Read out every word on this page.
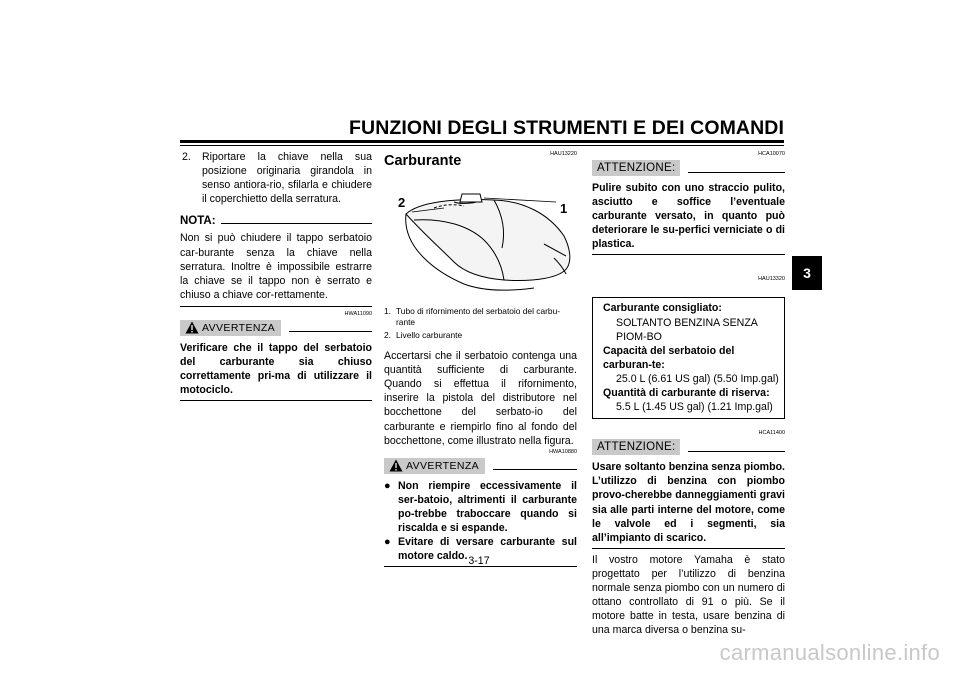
FUNZIONI DEGLI STRUMENTI E DEI COMANDI
3
2.	Riportare la chiave nella sua posizione originaria girandola in senso antiora-rio, sfilarla e chiudere il coperchietto della serratura.
NOTA:
Non si può chiudere il tappo serbatoio car-burante senza la chiave nella serratura. Inoltre è impossibile estrarre la chiave se il tappo non è serrato e chiuso a chiave cor-rettamente.
HWA11090
AVVERTENZA
Verificare che il tappo del serbatoio del carburante sia chiuso correttamente pri-ma di utilizzare il motociclo.
HAU13220
Carburante
2	1
1. Tubo di rifornimento del serbatoio del carbu-rante
2. Livello carburante
Accertarsi che il serbatoio contenga una quantità sufficiente di carburante. Quando si effettua il rifornimento, inserire la pistola del distributore nel bocchettone del serbato-io del carburante e riempirlo fino al fondo del bocchettone, come illustrato nella figura.
HWA10880
AVVERTENZA
● Non riempire eccessivamente il ser-batoio, altrimenti il carburante po-trebbe traboccare quando si riscalda e si espande.
● Evitare di versare carburante sul motore caldo.
HCA10070
ATTENZIONE:
Pulire subito con uno straccio pulito, asciutto e soffice l’eventuale carburante versato, in quanto può deteriorare le su-perfici verniciate o di plastica.
HAU13320
Carburante consigliato:
SOLTANTO BENZINA SENZA PIOM-BO
Capacità del serbatoio del carburan-te:
25.0 L (6.61 US gal) (5.50 Imp.gal)
Quantità di carburante di riserva:
5.5 L (1.45 US gal) (1.21 Imp.gal)
HCA11400
ATTENZIONE:
Usare soltanto benzina senza piombo. L’utilizzo di benzina con piombo provo-cherebbe danneggiamenti gravi sia alle parti interne del motore, come le valvole ed i segmenti, sia all’impianto di scarico.
Il vostro motore Yamaha è stato progettato per l’utilizzo di benzina normale senza piombo con un numero di ottano controllato di 91 o più. Se il motore batte in testa, usare benzina di una marca diversa o benzina su-
3-17
carmanualsonline.info
